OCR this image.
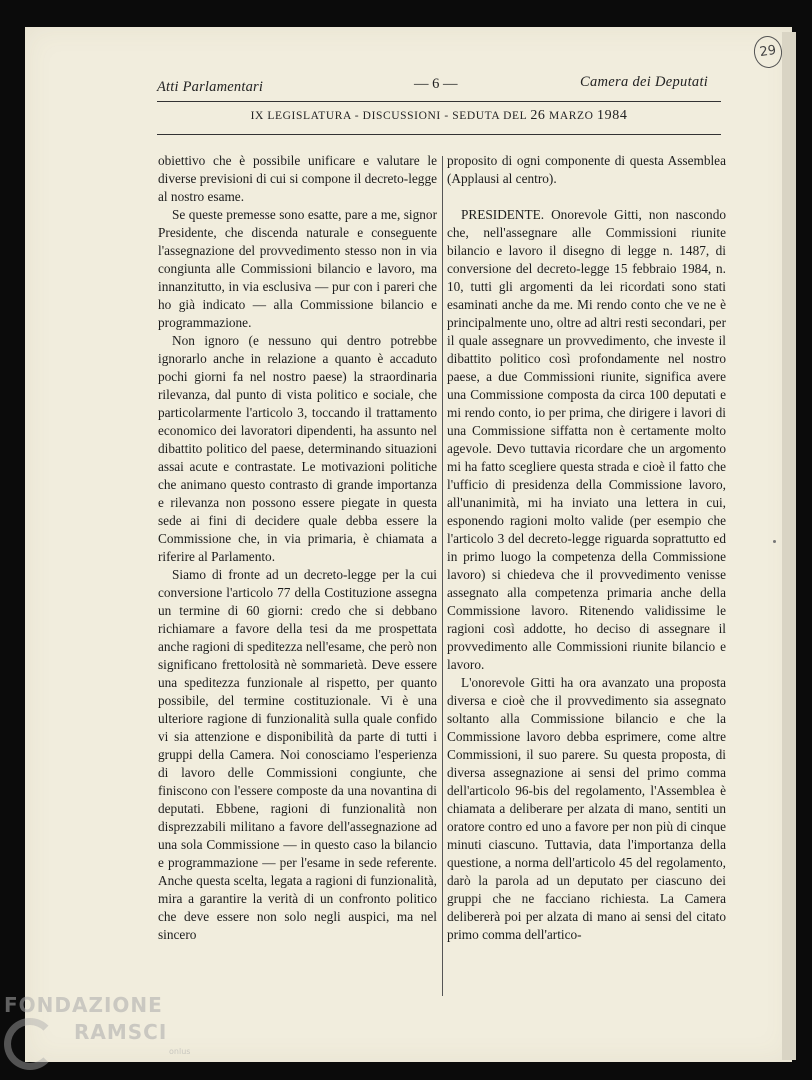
Atti Parlamentari	— 6 —	Camera dei Deputati
IX LEGISLATURA - DISCUSSIONI - SEDUTA DEL 26 MARZO 1984

obiettivo che è possibile unificare e valutare le diverse previsioni di cui si compone il decreto-legge al nostro esame.

Se queste premesse sono esatte, pare a me, signor Presidente, che discenda naturale e conseguente l'assegnazione del provvedimento stesso non in via congiunta alle Commissioni bilancio e lavoro, ma innanzitutto, in via esclusiva — pur con i pareri che ho già indicato — alla Commissione bilancio e programmazione.

Non ignoro (e nessuno qui dentro potrebbe ignorarlo anche in relazione a quanto è accaduto pochi giorni fa nel nostro paese) la straordinaria rilevanza, dal punto di vista politico e sociale, che particolarmente l'articolo 3, toccando il trattamento economico dei lavoratori dipendenti, ha assunto nel dibattito politico del paese, determinando situazioni assai acute e contrastate. Le motivazioni politiche che animano questo contrasto di grande importanza e rilevanza non possono essere piegate in questa sede ai fini di decidere quale debba essere la Commissione che, in via primaria, è chiamata a riferire al Parlamento.

Siamo di fronte ad un decreto-legge per la cui conversione l'articolo 77 della Costituzione assegna un termine di 60 giorni: credo che si debbano richiamare a favore della tesi da me prospettata anche ragioni di speditezza nell'esame, che però non significano frettolosità nè sommarietà. Deve essere una speditezza funzionale al rispetto, per quanto possibile, del termine costituzionale. Vi è una ulteriore ragione di funzionalità sulla quale confido vi sia attenzione e disponibilità da parte di tutti i gruppi della Camera. Noi conosciamo l'esperienza di lavoro delle Commissioni congiunte, che finiscono con l'essere composte da una novantina di deputati. Ebbene, ragioni di funzionalità non disprezzabili militano a favore dell'assegnazione ad una sola Commissione — in questo caso la bilancio e programmazione — per l'esame in sede referente. Anche questa scelta, legata a ragioni di funzionalità, mira a garantire la verità di un confronto politico che deve essere non solo negli auspici, ma nel sincero

proposito di ogni componente di questa Assemblea (Applausi al centro).

PRESIDENTE. Onorevole Gitti, non nascondo che, nell'assegnare alle Commissioni riunite bilancio e lavoro il disegno di legge n. 1487, di conversione del decreto-legge 15 febbraio 1984, n. 10, tutti gli argomenti da lei ricordati sono stati esaminati anche da me. Mi rendo conto che ve ne è principalmente uno, oltre ad altri resti secondari, per il quale assegnare un provvedimento, che investe il dibattito politico così profondamente nel nostro paese, a due Commissioni riunite, significa avere una Commissione composta da circa 100 deputati e mi rendo conto, io per prima, che dirigere i lavori di una Commissione siffatta non è certamente molto agevole. Devo tuttavia ricordare che un argomento mi ha fatto scegliere questa strada e cioè il fatto che l'ufficio di presidenza della Commissione lavoro, all'unanimità, mi ha inviato una lettera in cui, esponendo ragioni molto valide (per esempio che l'articolo 3 del decreto-legge riguarda soprattutto ed in primo luogo la competenza della Commissione lavoro) si chiedeva che il provvedimento venisse assegnato alla competenza primaria anche della Commissione lavoro. Ritenendo validissime le ragioni così addotte, ho deciso di assegnare il provvedimento alle Commissioni riunite bilancio e lavoro.

L'onorevole Gitti ha ora avanzato una proposta diversa e cioè che il provvedimento sia assegnato soltanto alla Commissione bilancio e che la Commissione lavoro debba esprimere, come altre Commissioni, il suo parere. Su questa proposta, di diversa assegnazione ai sensi del primo comma dell'articolo 96-bis del regolamento, l'Assemblea è chiamata a deliberare per alzata di mano, sentiti un oratore contro ed uno a favore per non più di cinque minuti ciascuno. Tuttavia, data l'importanza della questione, a norma dell'articolo 45 del regolamento, darò la parola ad un deputato per ciascuno dei gruppi che ne facciano richiesta. La Camera delibererà poi per alzata di mano ai sensi del citato primo comma dell'artico-

29
FONDAZIONE
RAMSCI
onlus
